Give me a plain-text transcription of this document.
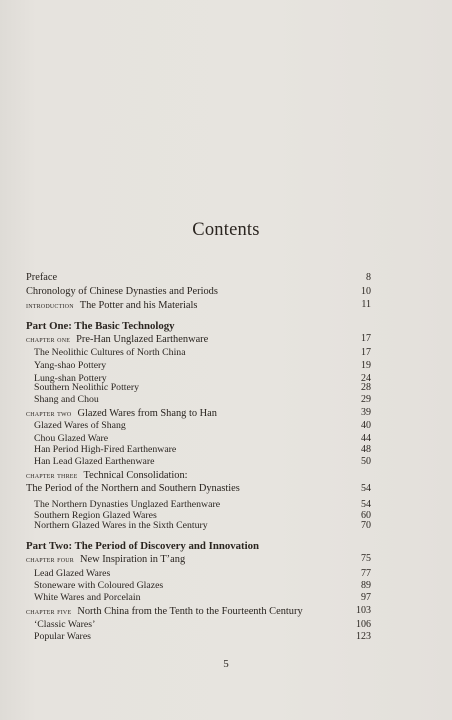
Contents
Preface	8
Chronology of Chinese Dynasties and Periods	10
introduction The Potter and his Materials	11
Part One: The Basic Technology
chapter one Pre-Han Unglazed Earthenware	17
The Neolithic Cultures of North China	17
Yang-shao Pottery	19
Lung-shan Pottery	24
Southern Neolithic Pottery	28
Shang and Chou	29
chapter two Glazed Wares from Shang to Han	39
Glazed Wares of Shang	40
Chou Glazed Ware	44
Han Period High-Fired Earthenware	48
Han Lead Glazed Earthenware	50
chapter three Technical Consolidation:
The Period of the Northern and Southern Dynasties	54
The Northern Dynasties Unglazed Earthenware	54
Southern Region Glazed Wares	60
Northern Glazed Wares in the Sixth Century	70
Part Two: The Period of Discovery and Innovation
chapter four New Inspiration in T’ang	75
Lead Glazed Wares	77
Stoneware with Coloured Glazes	89
White Wares and Porcelain	97
chapter five North China from the Tenth to the Fourteenth Century	103
‘Classic Wares’	106
Popular Wares	123
5
